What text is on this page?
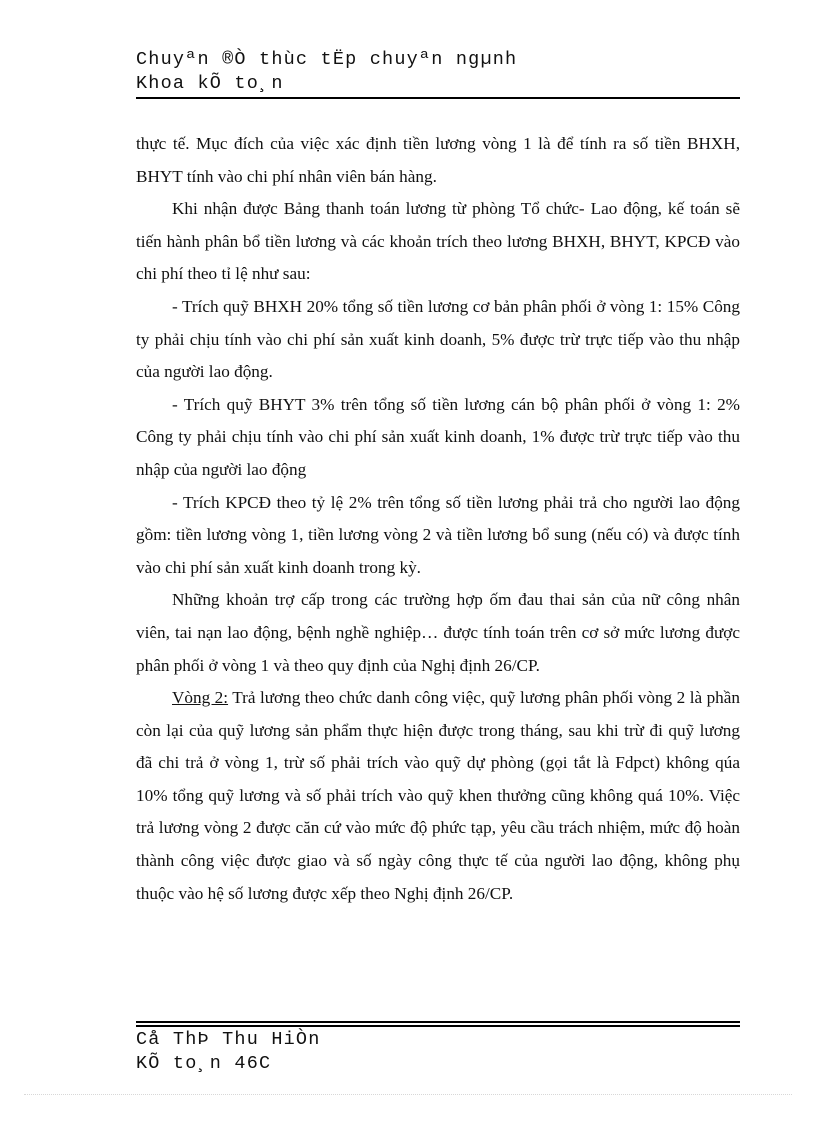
Chuyªn ®Ò thùc tËp chuyªn ngµnh
Khoa kÕ to¸n

thực tế. Mục đích của việc xác định tiền lương vòng 1 là để tính ra số tiền BHXH, BHYT tính vào chi phí nhân viên bán hàng.

Khi nhận được Bảng thanh toán lương từ phòng Tổ chức- Lao động, kế toán sẽ tiến hành phân bổ tiền lương và các khoản trích theo lương BHXH, BHYT, KPCĐ vào chi phí theo tỉ lệ như sau:

- Trích quỹ BHXH 20% tổng số tiền lương cơ bản phân phối ở vòng 1: 15% Công ty phải chịu tính vào chi phí sản xuất kinh doanh, 5% được trừ trực tiếp vào thu nhập của người lao động.

- Trích quỹ BHYT 3% trên tổng số tiền lương cán bộ phân phối ở vòng 1: 2% Công ty phải chịu tính vào chi phí sản xuất kinh doanh, 1% được trừ trực tiếp vào thu nhập của người lao động

- Trích KPCĐ theo tỷ lệ 2% trên tổng số tiền lương phải trả cho người lao động gồm: tiền lương vòng 1, tiền lương vòng 2 và tiền lương bổ sung (nếu có) và được tính vào chi phí sản xuất kinh doanh trong kỳ.

Những khoản trợ cấp trong các trường hợp ốm đau thai sản của nữ công nhân viên, tai nạn lao động, bệnh nghề nghiệp… được tính toán trên cơ sở mức lương được phân phối ở vòng 1 và theo quy định của Nghị định 26/CP.

Vòng 2: Trả lương theo chức danh công việc, quỹ lương phân phối vòng 2 là phần còn lại của quỹ lương sản phẩm thực hiện được trong tháng, sau khi trừ đi quỹ lương đã chi trả ở vòng 1, trừ số phải trích vào quỹ dự phòng (gọi tắt là Fdpct) không qúa 10% tổng quỹ lương và số phải trích vào quỹ khen thưởng cũng không quá 10%. Việc trả lương vòng 2 được căn cứ vào mức độ phức tạp, yêu cầu trách nhiệm, mức độ hoàn thành công việc được giao và số ngày công thực tế của người lao động, không phụ thuộc vào hệ số lương được xếp theo Nghị định 26/CP.

Cå ThÞ Thu HiÒn
KÕ to¸n 46C
